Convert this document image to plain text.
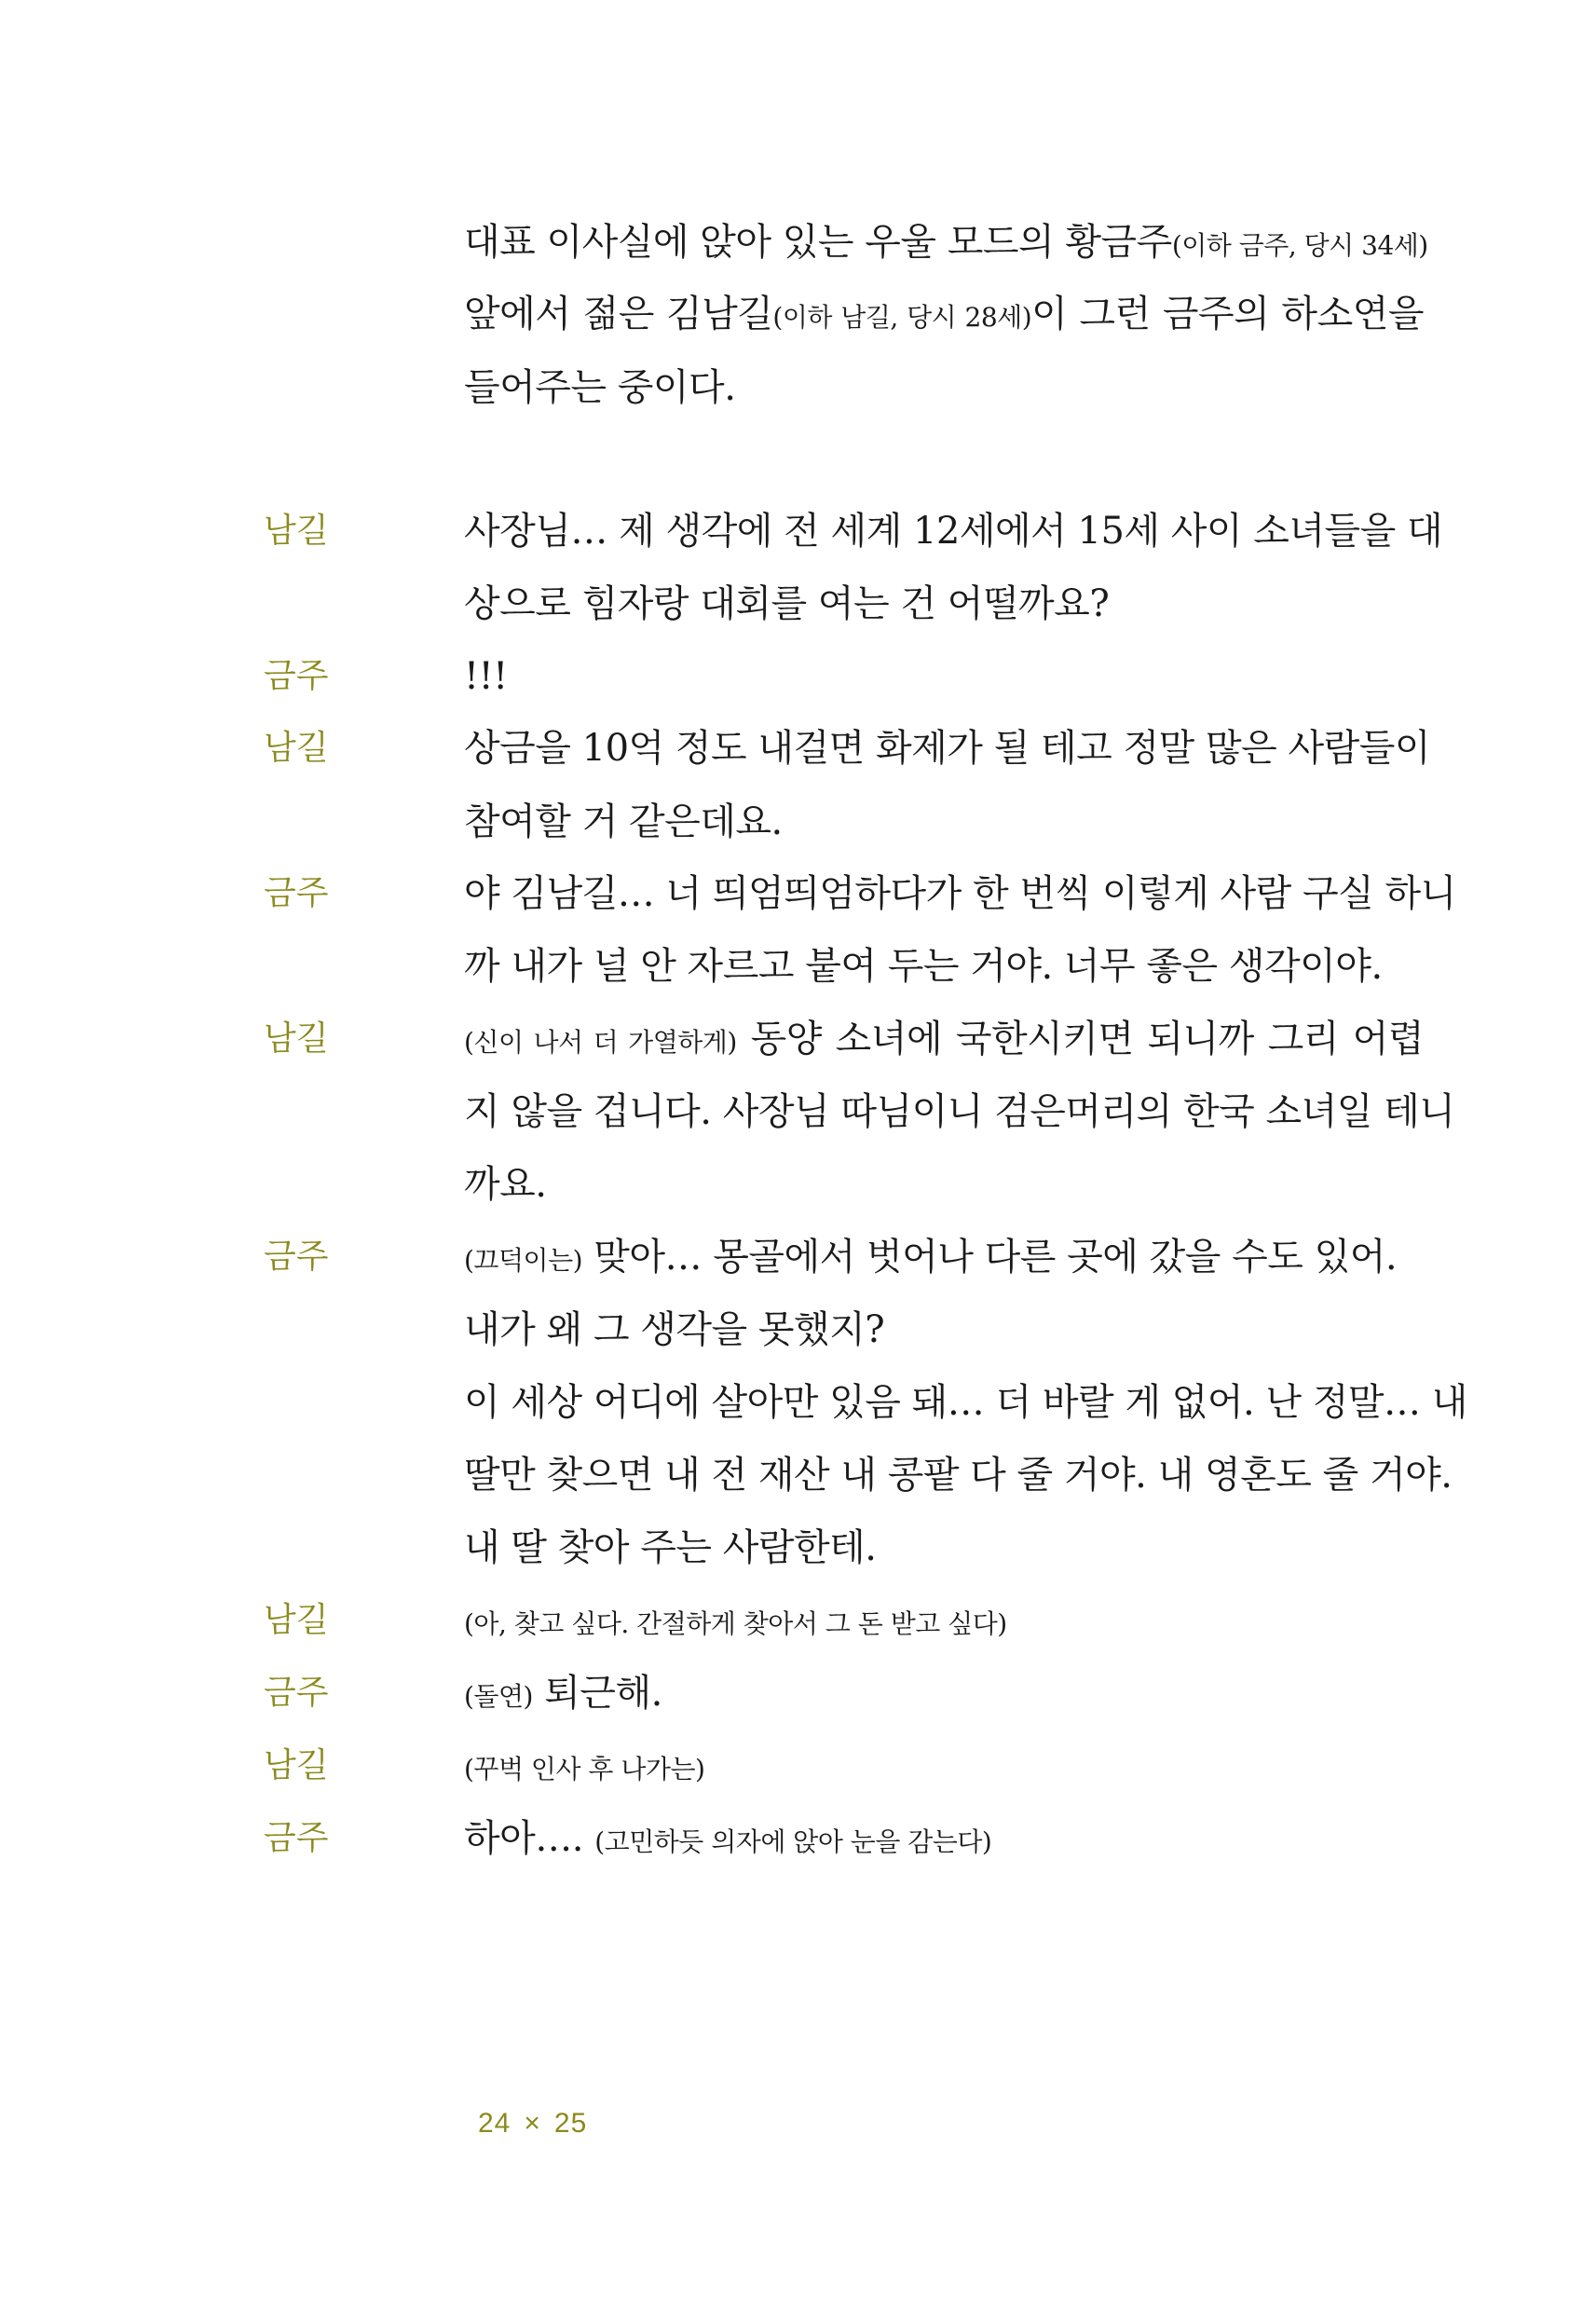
대표 이사실에 앉아 있는 우울 모드의 황금주(이하 금주, 당시 34세)
앞에서 젊은 김남길(이하 남길, 당시 28세)이 그런 금주의 하소연을
들어주는 중이다.
남길	사장님… 제 생각에 전 세계 12세에서 15세 사이 소녀들을 대
상으로 힘자랑 대회를 여는 건 어떨까요?
금주	!!!
남길	상금을 10억 정도 내걸면 화제가 될 테고 정말 많은 사람들이
참여할 거 같은데요.
금주	야 김남길… 너 띄엄띄엄하다가 한 번씩 이렇게 사람 구실 하니
까 내가 널 안 자르고 붙여 두는 거야. 너무 좋은 생각이야.
남길	(신이 나서 더 가열하게) 동양 소녀에 국한시키면 되니까 그리 어렵
지 않을 겁니다. 사장님 따님이니 검은머리의 한국 소녀일 테니
까요.
금주	(끄덕이는) 맞아… 몽골에서 벗어나 다른 곳에 갔을 수도 있어.
내가 왜 그 생각을 못했지?
이 세상 어디에 살아만 있음 돼… 더 바랄 게 없어. 난 정말… 내
딸만 찾으면 내 전 재산 내 콩팥 다 줄 거야. 내 영혼도 줄 거야.
내 딸 찾아 주는 사람한테.
남길	(아, 찾고 싶다. 간절하게 찾아서 그 돈 받고 싶다)
금주	(돌연) 퇴근해.
남길	(꾸벅 인사 후 나가는)
금주	하아…. (고민하듯 의자에 앉아 눈을 감는다)
24 × 25
